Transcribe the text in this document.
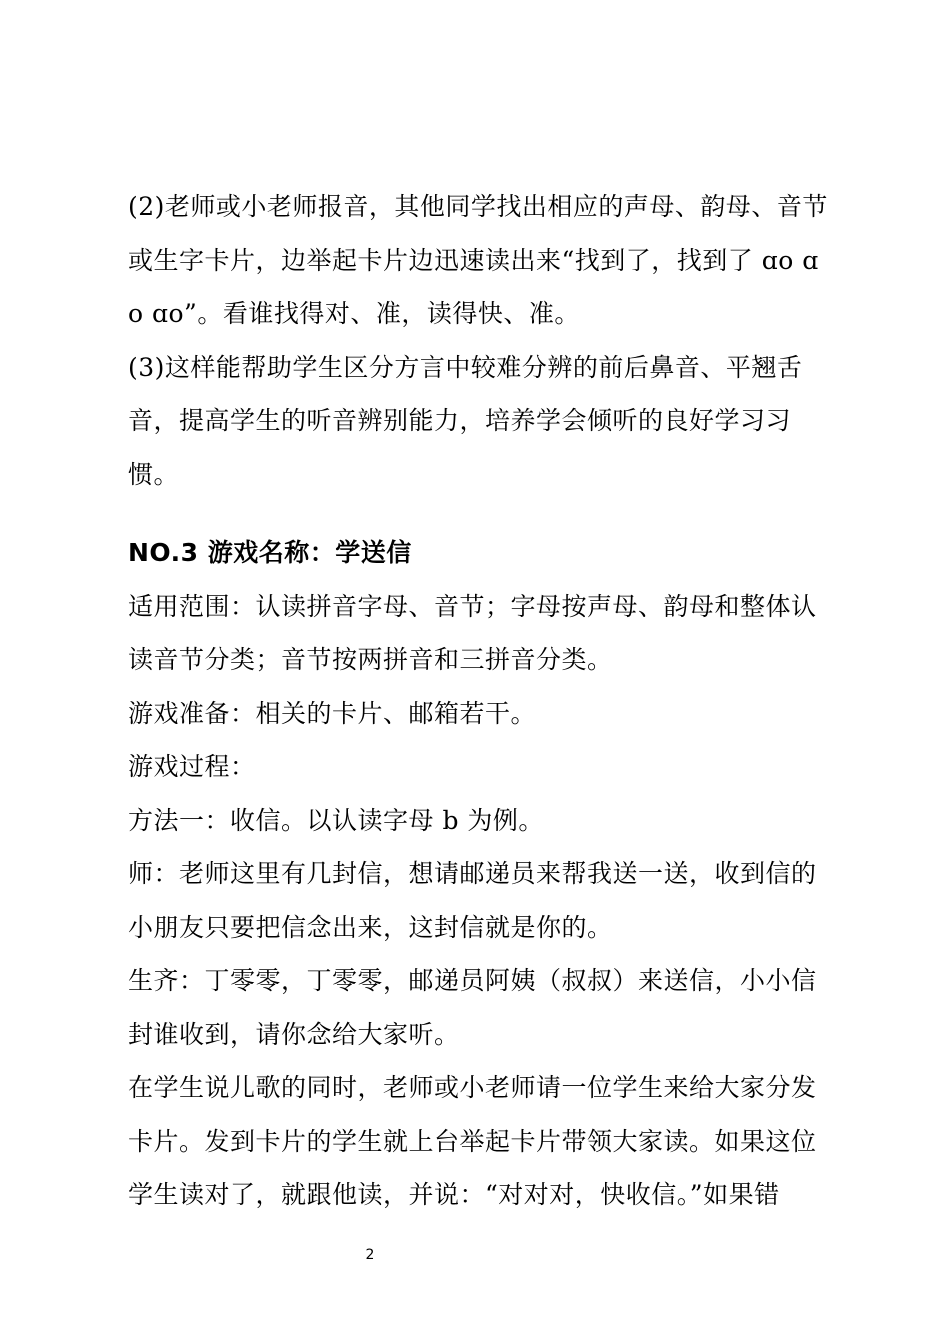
(2)老师或小老师报音，其他同学找出相应的声母、韵母、音节或生字卡片，边举起卡片边迅速读出来“找到了，找到了 ɑo ɑo ɑo”。看谁找得对、准，读得快、准。

(3)这样能帮助学生区分方言中较难分辨的前后鼻音、平翘舌音，提高学生的听音辨别能力，培养学会倾听的良好学习习惯。

NO.3 游戏名称：学送信

适用范围：认读拼音字母、音节；字母按声母、韵母和整体认读音节分类；音节按两拼音和三拼音分类。

游戏准备：相关的卡片、邮箱若干。

游戏过程：

方法一：收信。以认读字母 b 为例。

师：老师这里有几封信，想请邮递员来帮我送一送，收到信的小朋友只要把信念出来，这封信就是你的。

生齐：丁零零，丁零零，邮递员阿姨（叔叔）来送信，小小信封谁收到，请你念给大家听。

在学生说儿歌的同时，老师或小老师请一位学生来给大家分发卡片。发到卡片的学生就上台举起卡片带领大家读。如果这位学生读对了，就跟他读，并说：“对对对，快收信。”如果错

2
